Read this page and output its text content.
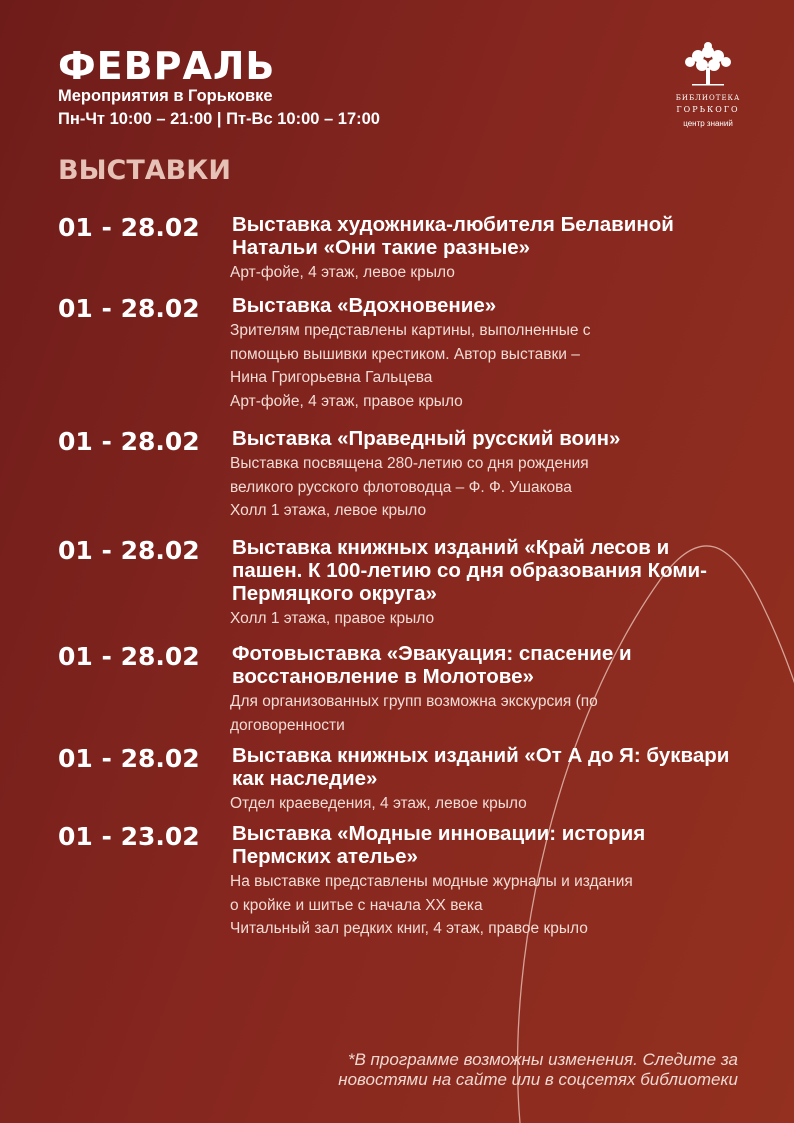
ФЕВРАЛЬ
Мероприятия в Горьковке
Пн-Чт 10:00 – 21:00 | Пт-Вс 10:00 – 17:00
БИБЛИОТЕКА
ГОРЬКОГО
центр знаний
ВЫСТАВКИ
01 - 28.02 Выставка художника-любителя Белавиной Натальи «Они такие разные»
Арт-фойе, 4 этаж, левое крыло
01 - 28.02 Выставка «Вдохновение»
Зрителям представлены картины, выполненные с
помощью вышивки крестиком. Автор выставки –
Нина Григорьевна Гальцева
Арт-фойе, 4 этаж, правое крыло
01 - 28.02 Выставка «Праведный русский воин»
Выставка посвящена 280-летию со дня рождения
великого русского флотоводца – Ф. Ф. Ушакова
Холл 1 этажа, левое крыло
01 - 28.02 Выставка книжных изданий «Край лесов и пашен. К 100-летию со дня образования Коми-Пермяцкого округа»
Холл 1 этажа, правое крыло
01 - 28.02 Фотовыставка «Эвакуация: спасение и восстановление в Молотове»
Для организованных групп возможна экскурсия (по
договоренности
01 - 28.02 Выставка книжных изданий «От А до Я: буквари как наследие»
Отдел краеведения, 4 этаж, левое крыло
01 - 23.02 Выставка «Модные инновации: история Пермских ателье»
На выставке представлены модные журналы и издания
о кройке и шитье с начала XX века
Читальный зал редких книг, 4 этаж, правое крыло
*В программе возможны изменения. Следите за
новостями на сайте или в соцсетях библиотеки
